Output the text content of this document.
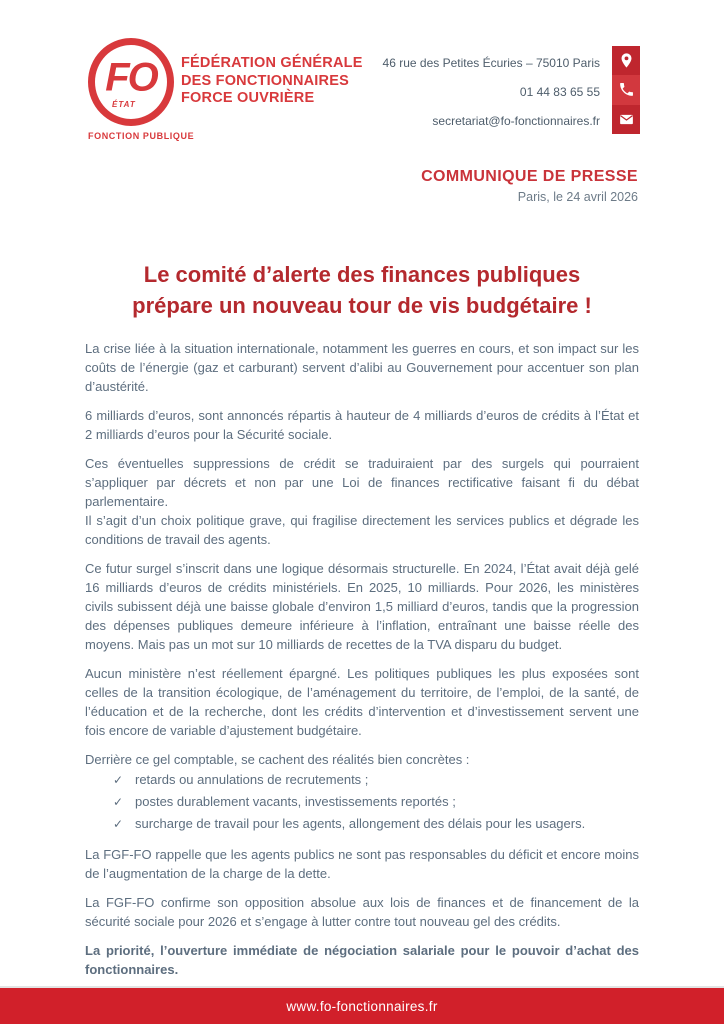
FO
ÉTAT
FONCTION PUBLIQUE
FÉDÉRATION GÉNÉRALE
DES FONCTIONNAIRES
FORCE OUVRIÈRE
46 rue des Petites Écuries – 75010 Paris
01 44 83 65 55
secretariat@fo-fonctionnaires.fr
COMMUNIQUE DE PRESSE
Paris, le 24 avril 2026
Le comité d’alerte des finances publiques
prépare un nouveau tour de vis budgétaire !
La crise liée à la situation internationale, notamment les guerres en cours, et son impact sur les coûts de l’énergie (gaz et carburant) servent d’alibi au Gouvernement pour accentuer son plan d’austérité.
6 milliards d’euros, sont annoncés répartis à hauteur de 4 milliards d’euros de crédits à l’État et 2 milliards d’euros pour la Sécurité sociale.
Ces éventuelles suppressions de crédit se traduiraient par des surgels qui pourraient s’appliquer par décrets et non par une Loi de finances rectificative faisant fi du débat parlementaire.
Il s’agit d’un choix politique grave, qui fragilise directement les services publics et dégrade les conditions de travail des agents.
Ce futur surgel s’inscrit dans une logique désormais structurelle. En 2024, l’État avait déjà gelé 16 milliards d’euros de crédits ministériels. En 2025, 10 milliards. Pour 2026, les ministères civils subissent déjà une baisse globale d’environ 1,5 milliard d’euros, tandis que la progression des dépenses publiques demeure inférieure à l’inflation, entraînant une baisse réelle des moyens. Mais pas un mot sur 10 milliards de recettes de la TVA disparu du budget.
Aucun ministère n’est réellement épargné. Les politiques publiques les plus exposées sont celles de la transition écologique, de l’aménagement du territoire, de l’emploi, de la santé, de l’éducation et de la recherche, dont les crédits d’intervention et d’investissement servent une fois encore de variable d’ajustement budgétaire.
Derrière ce gel comptable, se cachent des réalités bien concrètes :
✓ retards ou annulations de recrutements ;
✓ postes durablement vacants, investissements reportés ;
✓ surcharge de travail pour les agents, allongement des délais pour les usagers.
La FGF-FO rappelle que les agents publics ne sont pas responsables du déficit et encore moins de l’augmentation de la charge de la dette.
La FGF-FO confirme son opposition absolue aux lois de finances et de financement de la sécurité sociale pour 2026 et s’engage à lutter contre tout nouveau gel des crédits.
La priorité, l’ouverture immédiate de négociation salariale pour le pouvoir d’achat des fonctionnaires.
www.fo-fonctionnaires.fr
